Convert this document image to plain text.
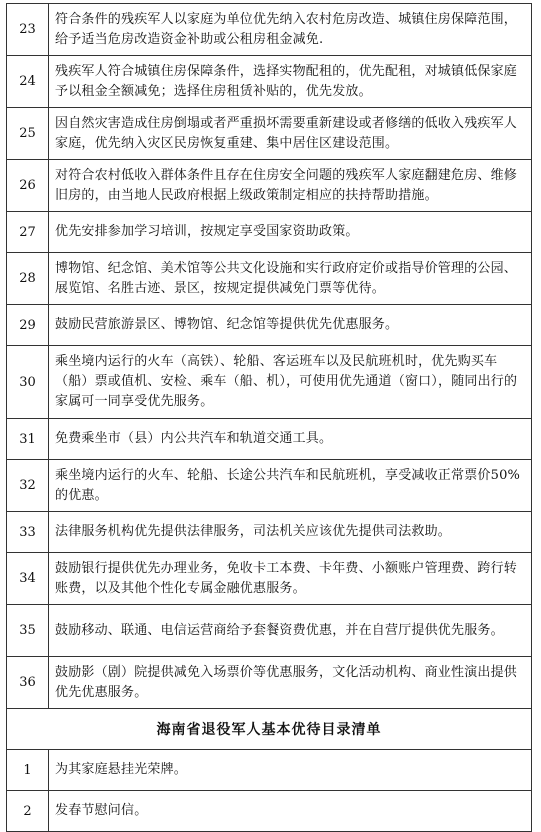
23	符合条件的残疾军人以家庭为单位优先纳入农村危房改造、城镇住房保障范围，给予适当危房改造资金补助或公租房租金减免.
24	残疾军人符合城镇住房保障条件，选择实物配租的，优先配租，对城镇低保家庭予以租金全额减免；选择住房租赁补贴的，优先发放。
25	因自然灾害造成住房倒塌或者严重损坏需要重新建设或者修缮的低收入残疾军人家庭，优先纳入灾区民房恢复重建、集中居住区建设范围。
26	对符合农村低收入群体条件且存在住房安全问题的残疾军人家庭翻建危房、维修旧房的，由当地人民政府根据上级政策制定相应的扶持帮助措施。
27	优先安排参加学习培训，按规定享受国家资助政策。
28	博物馆、纪念馆、美术馆等公共文化设施和实行政府定价或指导价管理的公园、展览馆、名胜古迹、景区，按规定提供减免门票等优待。
29	鼓励民营旅游景区、博物馆、纪念馆等提供优先优惠服务。
30	乘坐境内运行的火车（高铁）、轮船、客运班车以及民航班机时，优先购买车（船）票或值机、安检、乘车（船、机），可使用优先通道（窗口），随同出行的家属可一同享受优先服务。
31	免费乘坐市（县）内公共汽车和轨道交通工具。
32	乘坐境内运行的火车、轮船、长途公共汽车和民航班机，享受减收正常票价50%的优惠。
33	法律服务机构优先提供法律服务，司法机关应该优先提供司法救助。
34	鼓励银行提供优先办理业务，免收卡工本费、卡年费、小额账户管理费、跨行转账费，以及其他个性化专属金融优惠服务。
35	鼓励移动、联通、电信运营商给予套餐资费优惠，并在自营厅提供优先服务。
36	鼓励影（剧）院提供减免入场票价等优惠服务，文化活动机构、商业性演出提供优先优惠服务。
海南省退役军人基本优待目录清单	
1	为其家庭悬挂光荣牌。
2	发春节慰问信。
